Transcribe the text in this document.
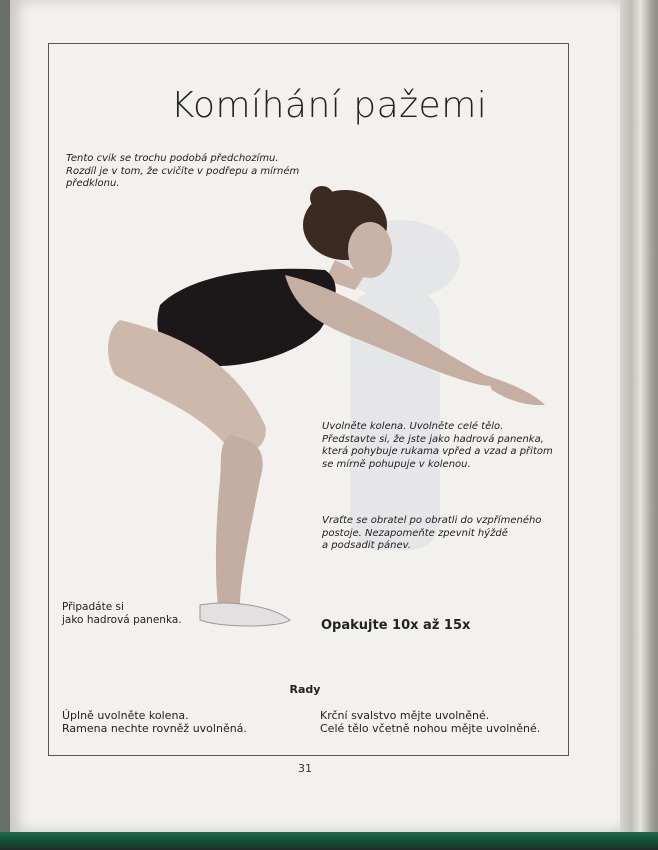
Komíhání pažemi
Tento cvik se trochu podobá předchozímu.
Rozdíl je v tom, že cvičíte v podřepu a mírném
předklonu.
Uvolněte kolena. Uvolněte celé tělo.
Představte si, že jste jako hadrová panenka,
která pohybuje rukama vpřed a vzad a přitom
se mírně pohupuje v kolenou.
Vraťte se obratel po obratli do vzpřímeného
postoje. Nezapomeňte zpevnit hýždě
a podsadit pánev.
Připadáte si
jako hadrová panenka.	Opakujte 10x až 15x
Rady
Úplně uvolněte kolena.
Ramena nechte rovněž uvolněná.
Krční svalstvo mějte uvolněné.
Celé tělo včetně nohou mějte uvolněné.
31
